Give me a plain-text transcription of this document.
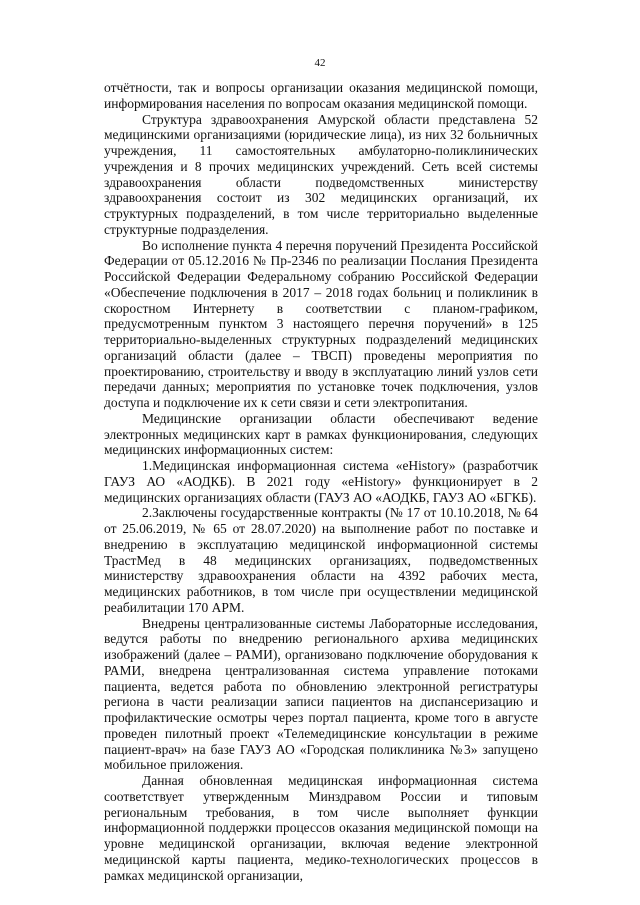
42

отчётности, так и вопросы организации оказания медицинской помощи, информирования населения по вопросам оказания медицинской помощи.

Структура здравоохранения Амурской области представлена 52 медицинскими организациями (юридические лица), из них 32 больничных учреждения, 11 самостоятельных амбулаторно-поликлинических учреждения и 8 прочих медицинских учреждений. Сеть всей системы здравоохранения области подведомственных министерству здравоохранения состоит из 302 медицинских организаций, их структурных подразделений, в том числе территориально выделенные структурные подразделения.

Во исполнение пункта 4 перечня поручений Президента Российской Федерации от 05.12.2016 № Пр-2346 по реализации Послания Президента Российской Федерации Федеральному собранию Российской Федерации «Обеспечение подключения в 2017 – 2018 годах больниц и поликлиник в скоростном Интернету в соответствии с планом-графиком, предусмотренным пунктом 3 настоящего перечня поручений» в 125 территориально-выделенных структурных подразделений медицинских организаций области (далее – ТВСП) проведены мероприятия по проектированию, строительству и вводу в эксплуатацию линий узлов сети передачи данных; мероприятия по установке точек подключения, узлов доступа и подключение их к сети связи и сети электропитания.

Медицинские организации области обеспечивают ведение электронных медицинских карт в рамках функционирования, следующих медицинских информационных систем:

1.Медицинская информационная система «eHistory» (разработчик ГАУЗ АО «АОДКБ). В 2021 году «eHistory» функционирует в 2 медицинских организациях области (ГАУЗ АО «АОДКБ, ГАУЗ АО «БГКБ).

2.Заключены государственные контракты (№ 17 от 10.10.2018, № 64 от 25.06.2019, № 65 от 28.07.2020) на выполнение работ по поставке и внедрению в эксплуатацию медицинской информационной системы ТрастМед в 48 медицинских организациях, подведомственных министерству здравоохранения области на 4392 рабочих места, медицинских работников, в том числе при осуществлении медицинской реабилитации 170 АРМ.

Внедрены централизованные системы Лабораторные исследования, ведутся работы по внедрению регионального архива медицинских изображений (далее – РАМИ), организовано подключение оборудования к РАМИ, внедрена централизованная система управление потоками пациента, ведется работа по обновлению электронной регистратуры региона в части реализации записи пациентов на диспансеризацию и профилактические осмотры через портал пациента, кроме того в августе проведен пилотный проект «Телемедицинские консультации в режиме пациент-врач» на базе ГАУЗ АО «Городская поликлиника №3» запущено мобильное приложения.

Данная обновленная медицинская информационная система соответствует утвержденным Минздравом России и типовым региональным требования, в том числе выполняет функции информационной поддержки процессов оказания медицинской помощи на уровне медицинской организации, включая ведение электронной медицинской карты пациента, медико-технологических процессов в рамках медицинской организации,
